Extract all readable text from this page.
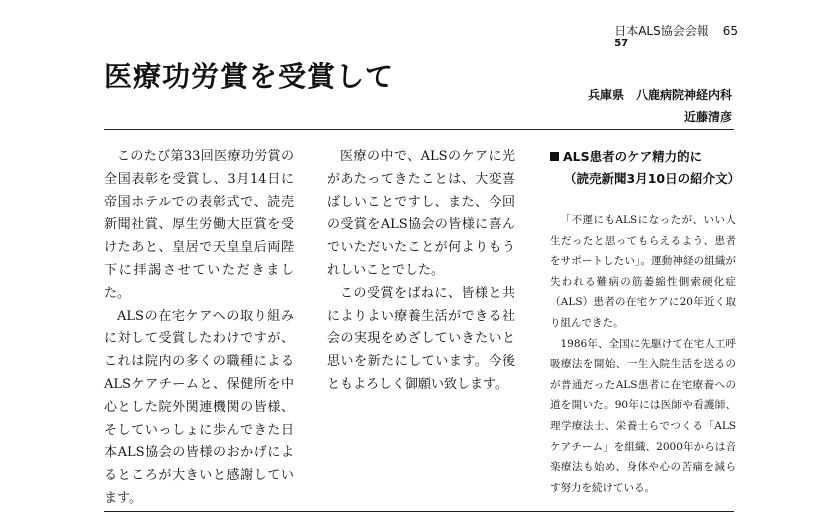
日本ALS協会会報 65
57
医療功労賞を受賞して
兵庫県　八鹿病院神経内科
近藤清彦

このたび第33回医療功労賞の全国表彰を受賞し、3月14日に帝国ホテルでの表彰式で、読売新聞社賞、厚生労働大臣賞を受けたあと、皇居で天皇皇后両陛下に拝謁させていただきました。

ALSの在宅ケアへの取り組みに対して受賞したわけですが、これは院内の多くの職種によるALSケアチームと、保健所を中心とした院外関連機関の皆様、そしていっしょに歩んできた日本ALS協会の皆様のおかげによるところが大きいと感謝しています。

医療の中で、ALSのケアに光があたってきたことは、大変喜ばしいことですし、また、今回の受賞をALS協会の皆様に喜んでいただいたことが何よりもうれしいことでした。

この受賞をばねに、皆様と共によりよい療養生活ができる社会の実現をめざしていきたいと思いを新たにしています。今後ともよろしく御願い致します。

ALS患者のケア精力的に
（読売新聞3月10日の紹介文）

「不運にもALSになったが、いい人生だったと思ってもらえるよう、患者をサポートしたい」。運動神経の組織が失われる難病の筋萎縮性側索硬化症（ALS）患者の在宅ケアに20年近く取り組んできた。

1986年、全国に先駆けて在宅人工呼吸療法を開始、一生入院生活を送るのが普通だったALS患者に在宅療養への道を開いた。90年には医師や看護師、理学療法士、栄養士らでつくる「ALSケアチーム」を組織、2000年からは音楽療法も始め、身体や心の苦痛を減らす努力を続けている。
